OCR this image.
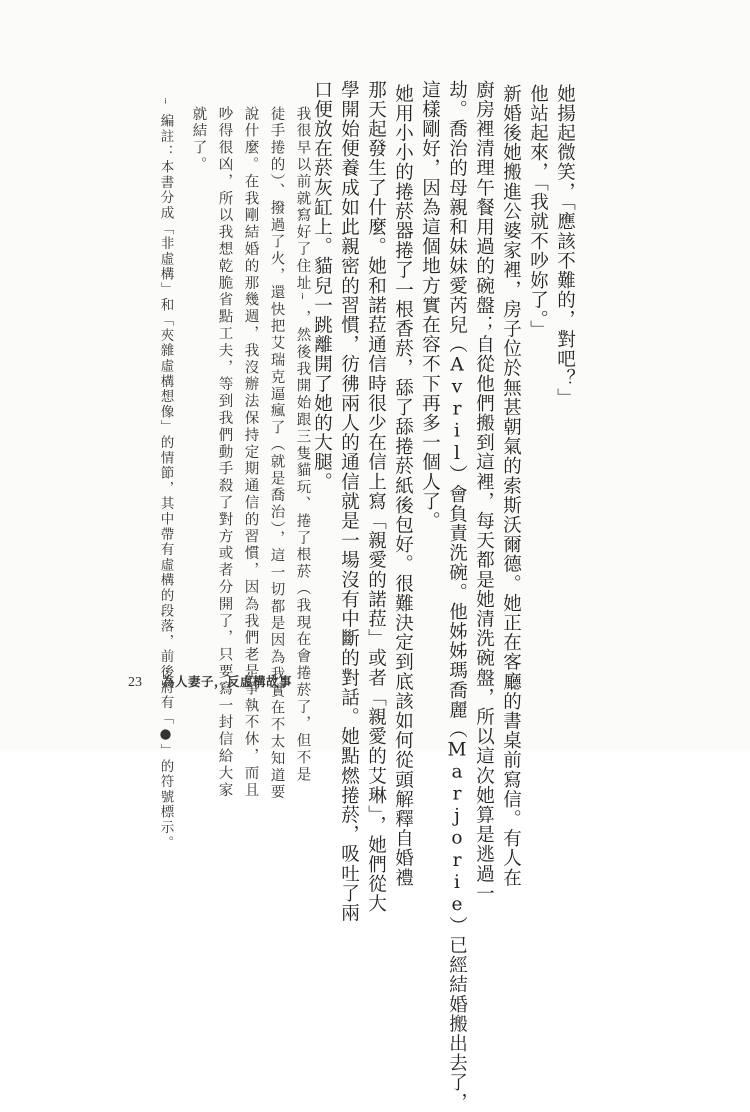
她揚起微笑，「應該不難的，對吧？」
他站起來，「我就不吵妳了。」
新婚後她搬進公婆家裡，房子位於無甚朝氣的索斯沃爾德。她正在客廳的書桌前寫信。有人在
廚房裡清理午餐用過的碗盤；自從他們搬到這裡，每天都是她清洗碗盤，所以這次她算是逃過一
劫。喬治的母親和妹妹愛芮兒（Avril）會負責洗碗。他姊姊瑪喬麗（Marjorie）已經結婚搬出去了，
這樣剛好，因為這個地方實在容不下再多一個人了。
她用小小的捲菸器捲了一根香菸，舔了舔捲菸紙後包好。很難決定到底該如何從頭解釋自婚禮
那天起發生了什麼。她和諾菈通信時很少在信上寫「親愛的諾菈」或者「親愛的艾琳」，她們從大
學開始便養成如此親密的習慣，彷彿兩人的通信就是一場沒有中斷的對話。她點燃捲菸，吸吐了兩
口便放在菸灰缸上。貓兒一跳離開了她的大腿。
我很早以前就寫好了住址ⁱ，然後我開始跟三隻貓玩、捲了根菸（我現在會捲菸了，但不是
徒手捲的）、撥過了火，還快把艾瑞克逼瘋了（就是喬治），這一切都是因為我實在不太知道要
說什麼。在我剛結婚的那幾週，我沒辦法保持定期通信的習慣，因為我們老是爭執不休，而且
吵得很凶，所以我想乾脆省點工夫，等到我們動手殺了對方或者分開了，只要寫一封信給大家
就結了。
ⁱ編註：本書分成「非虛構」和「夾雜虛構想像」的情節，其中帶有虛構的段落，前後將有「●」的符號標示。
23 為人妻子，反虛構故事
